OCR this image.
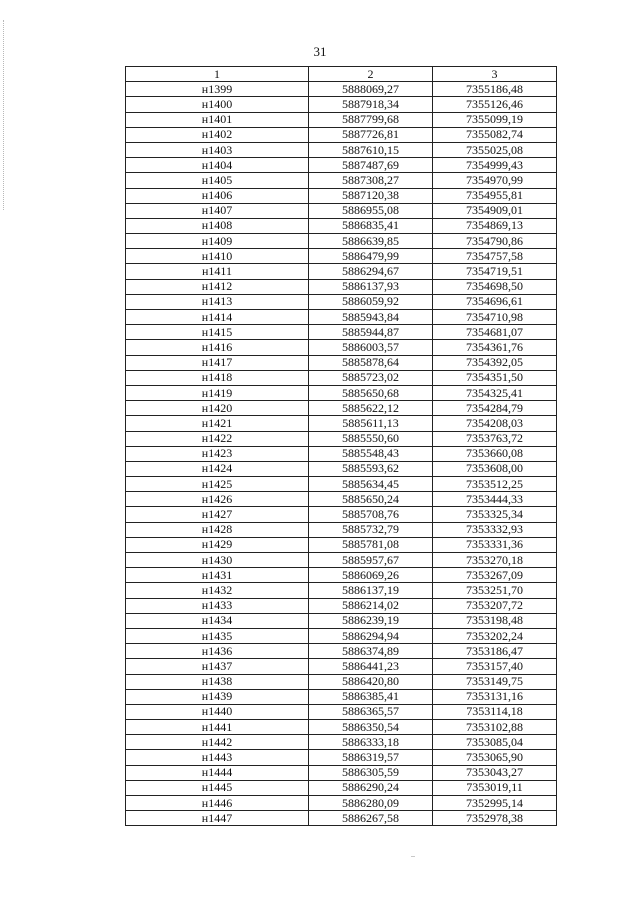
31
1	2	3
н1399	5888069,27	7355186,48
н1400	5887918,34	7355126,46
н1401	5887799,68	7355099,19
н1402	5887726,81	7355082,74
н1403	5887610,15	7355025,08
н1404	5887487,69	7354999,43
н1405	5887308,27	7354970,99
н1406	5887120,38	7354955,81
н1407	5886955,08	7354909,01
н1408	5886835,41	7354869,13
н1409	5886639,85	7354790,86
н1410	5886479,99	7354757,58
н1411	5886294,67	7354719,51
н1412	5886137,93	7354698,50
н1413	5886059,92	7354696,61
н1414	5885943,84	7354710,98
н1415	5885944,87	7354681,07
н1416	5886003,57	7354361,76
н1417	5885878,64	7354392,05
н1418	5885723,02	7354351,50
н1419	5885650,68	7354325,41
н1420	5885622,12	7354284,79
н1421	5885611,13	7354208,03
н1422	5885550,60	7353763,72
н1423	5885548,43	7353660,08
н1424	5885593,62	7353608,00
н1425	5885634,45	7353512,25
н1426	5885650,24	7353444,33
н1427	5885708,76	7353325,34
н1428	5885732,79	7353332,93
н1429	5885781,08	7353331,36
н1430	5885957,67	7353270,18
н1431	5886069,26	7353267,09
н1432	5886137,19	7353251,70
н1433	5886214,02	7353207,72
н1434	5886239,19	7353198,48
н1435	5886294,94	7353202,24
н1436	5886374,89	7353186,47
н1437	5886441,23	7353157,40
н1438	5886420,80	7353149,75
н1439	5886385,41	7353131,16
н1440	5886365,57	7353114,18
н1441	5886350,54	7353102,88
н1442	5886333,18	7353085,04
н1443	5886319,57	7353065,90
н1444	5886305,59	7353043,27
н1445	5886290,24	7353019,11
н1446	5886280,09	7352995,14
н1447	5886267,58	7352978,38
